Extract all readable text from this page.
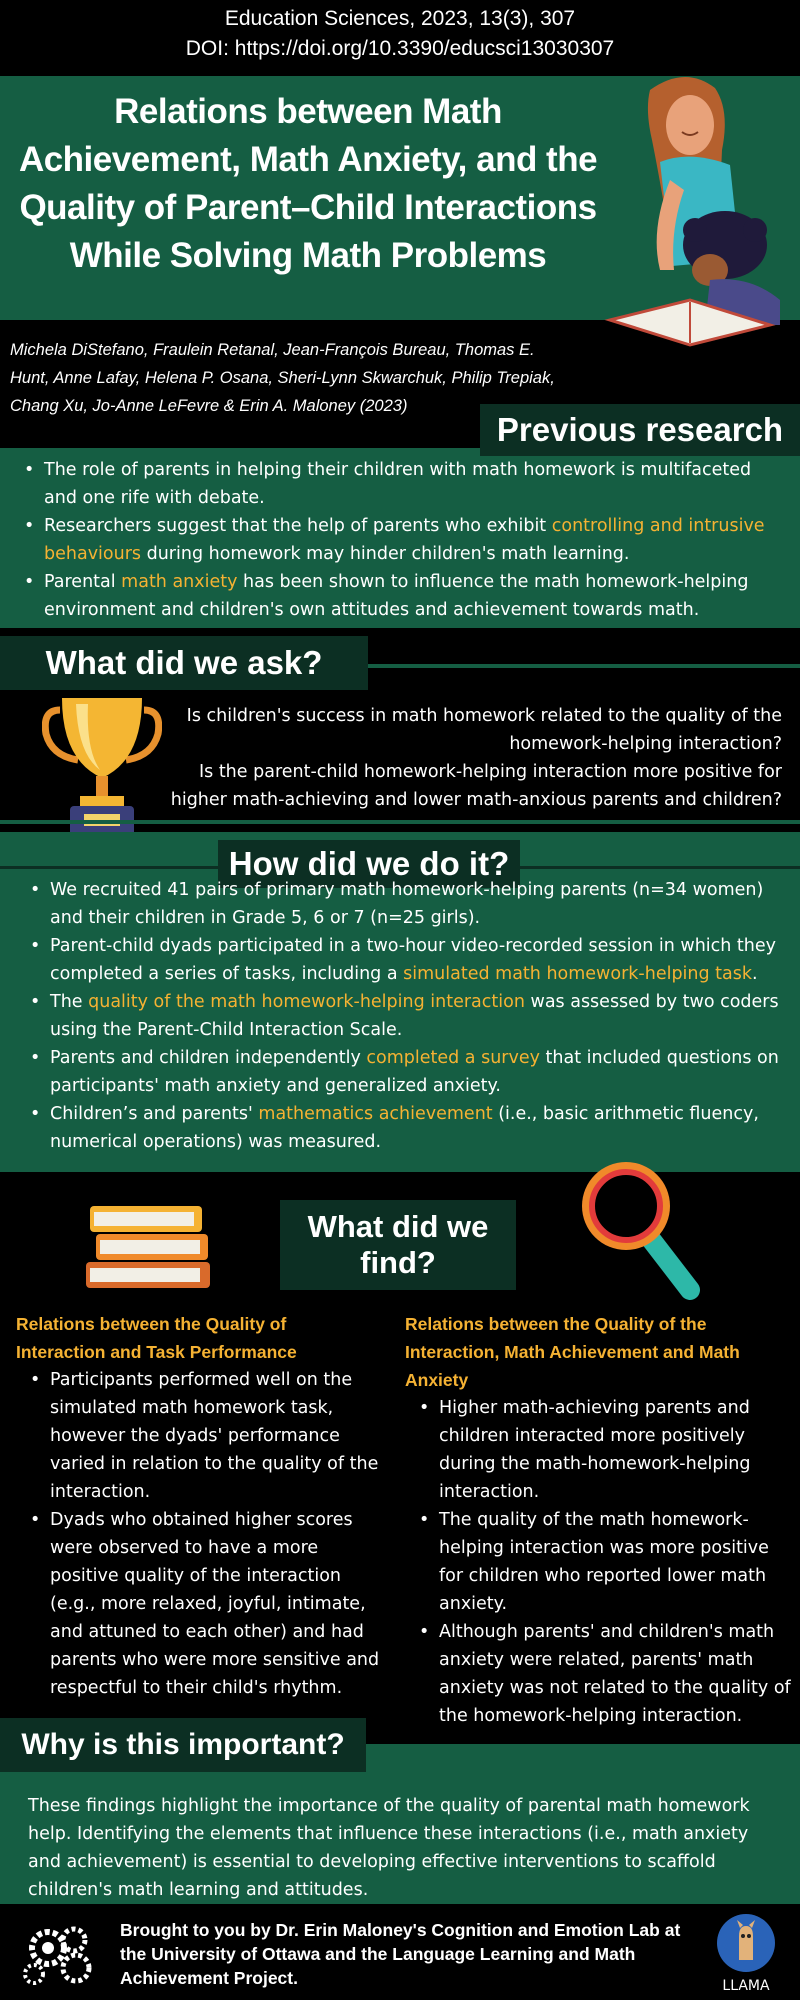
Education Sciences, 2023, 13(3), 307
DOI: https://doi.org/10.3390/educsci13030307
Relations between Math Achievement, Math Anxiety, and the Quality of Parent–Child Interactions While Solving Math Problems
Michela DiStefano, Fraulein Retanal, Jean-François Bureau, Thomas E.
Hunt, Anne Lafay, Helena P. Osana, Sheri-Lynn Skwarchuk, Philip Trepiak,
Chang Xu, Jo-Anne LeFevre & Erin A. Maloney (2023)
• The role of parents in helping their children with math homework is multifaceted and one rife with debate.
• Researchers suggest that the help of parents who exhibit controlling and intrusive behaviours during homework may hinder children's math learning.
• Parental math anxiety has been shown to influence the math homework-helping environment and children's own attitudes and achievement towards math.
Previous research
What did we ask?
Is children's success in math homework related to the quality of the homework-helping interaction?
Is the parent-child homework-helping interaction more positive for higher math-achieving and lower math-anxious parents and children?
How did we do it?
• We recruited 41 pairs of primary math homework-helping parents (n=34 women) and their children in Grade 5, 6 or 7 (n=25 girls).
• Parent-child dyads participated in a two-hour video-recorded session in which they completed a series of tasks, including a simulated math homework-helping task.
• The quality of the math homework-helping interaction was assessed by two coders using the Parent-Child Interaction Scale.
• Parents and children independently completed a survey that included questions on participants' math anxiety and generalized anxiety.
• Children’s and parents' mathematics achievement (i.e., basic arithmetic fluency, numerical operations) was measured.
What did we find?
Relations between the Quality of Interaction and Task Performance
• Participants performed well on the simulated math homework task, however the dyads' performance varied in relation to the quality of the interaction.
• Dyads who obtained higher scores were observed to have a more positive quality of the interaction (e.g., more relaxed, joyful, intimate, and attuned to each other) and had parents who were more sensitive and respectful to their child's rhythm.
Relations between the Quality of the Interaction, Math Achievement and Math Anxiety
• Higher math-achieving parents and children interacted more positively during the math-homework-helping interaction.
• The quality of the math homework-helping interaction was more positive for children who reported lower math anxiety.
• Although parents' and children's math anxiety were related, parents' math anxiety was not related to the quality of the homework-helping interaction.
These findings highlight the importance of the quality of parental math homework help. Identifying the elements that influence these interactions (i.e., math anxiety and achievement) is essential to developing effective interventions to scaffold children's math learning and attitudes.
Why is this important?
Brought to you by Dr. Erin Maloney's Cognition and Emotion Lab at the University of Ottawa and the Language Learning and Math Achievement Project.	LLAMA
